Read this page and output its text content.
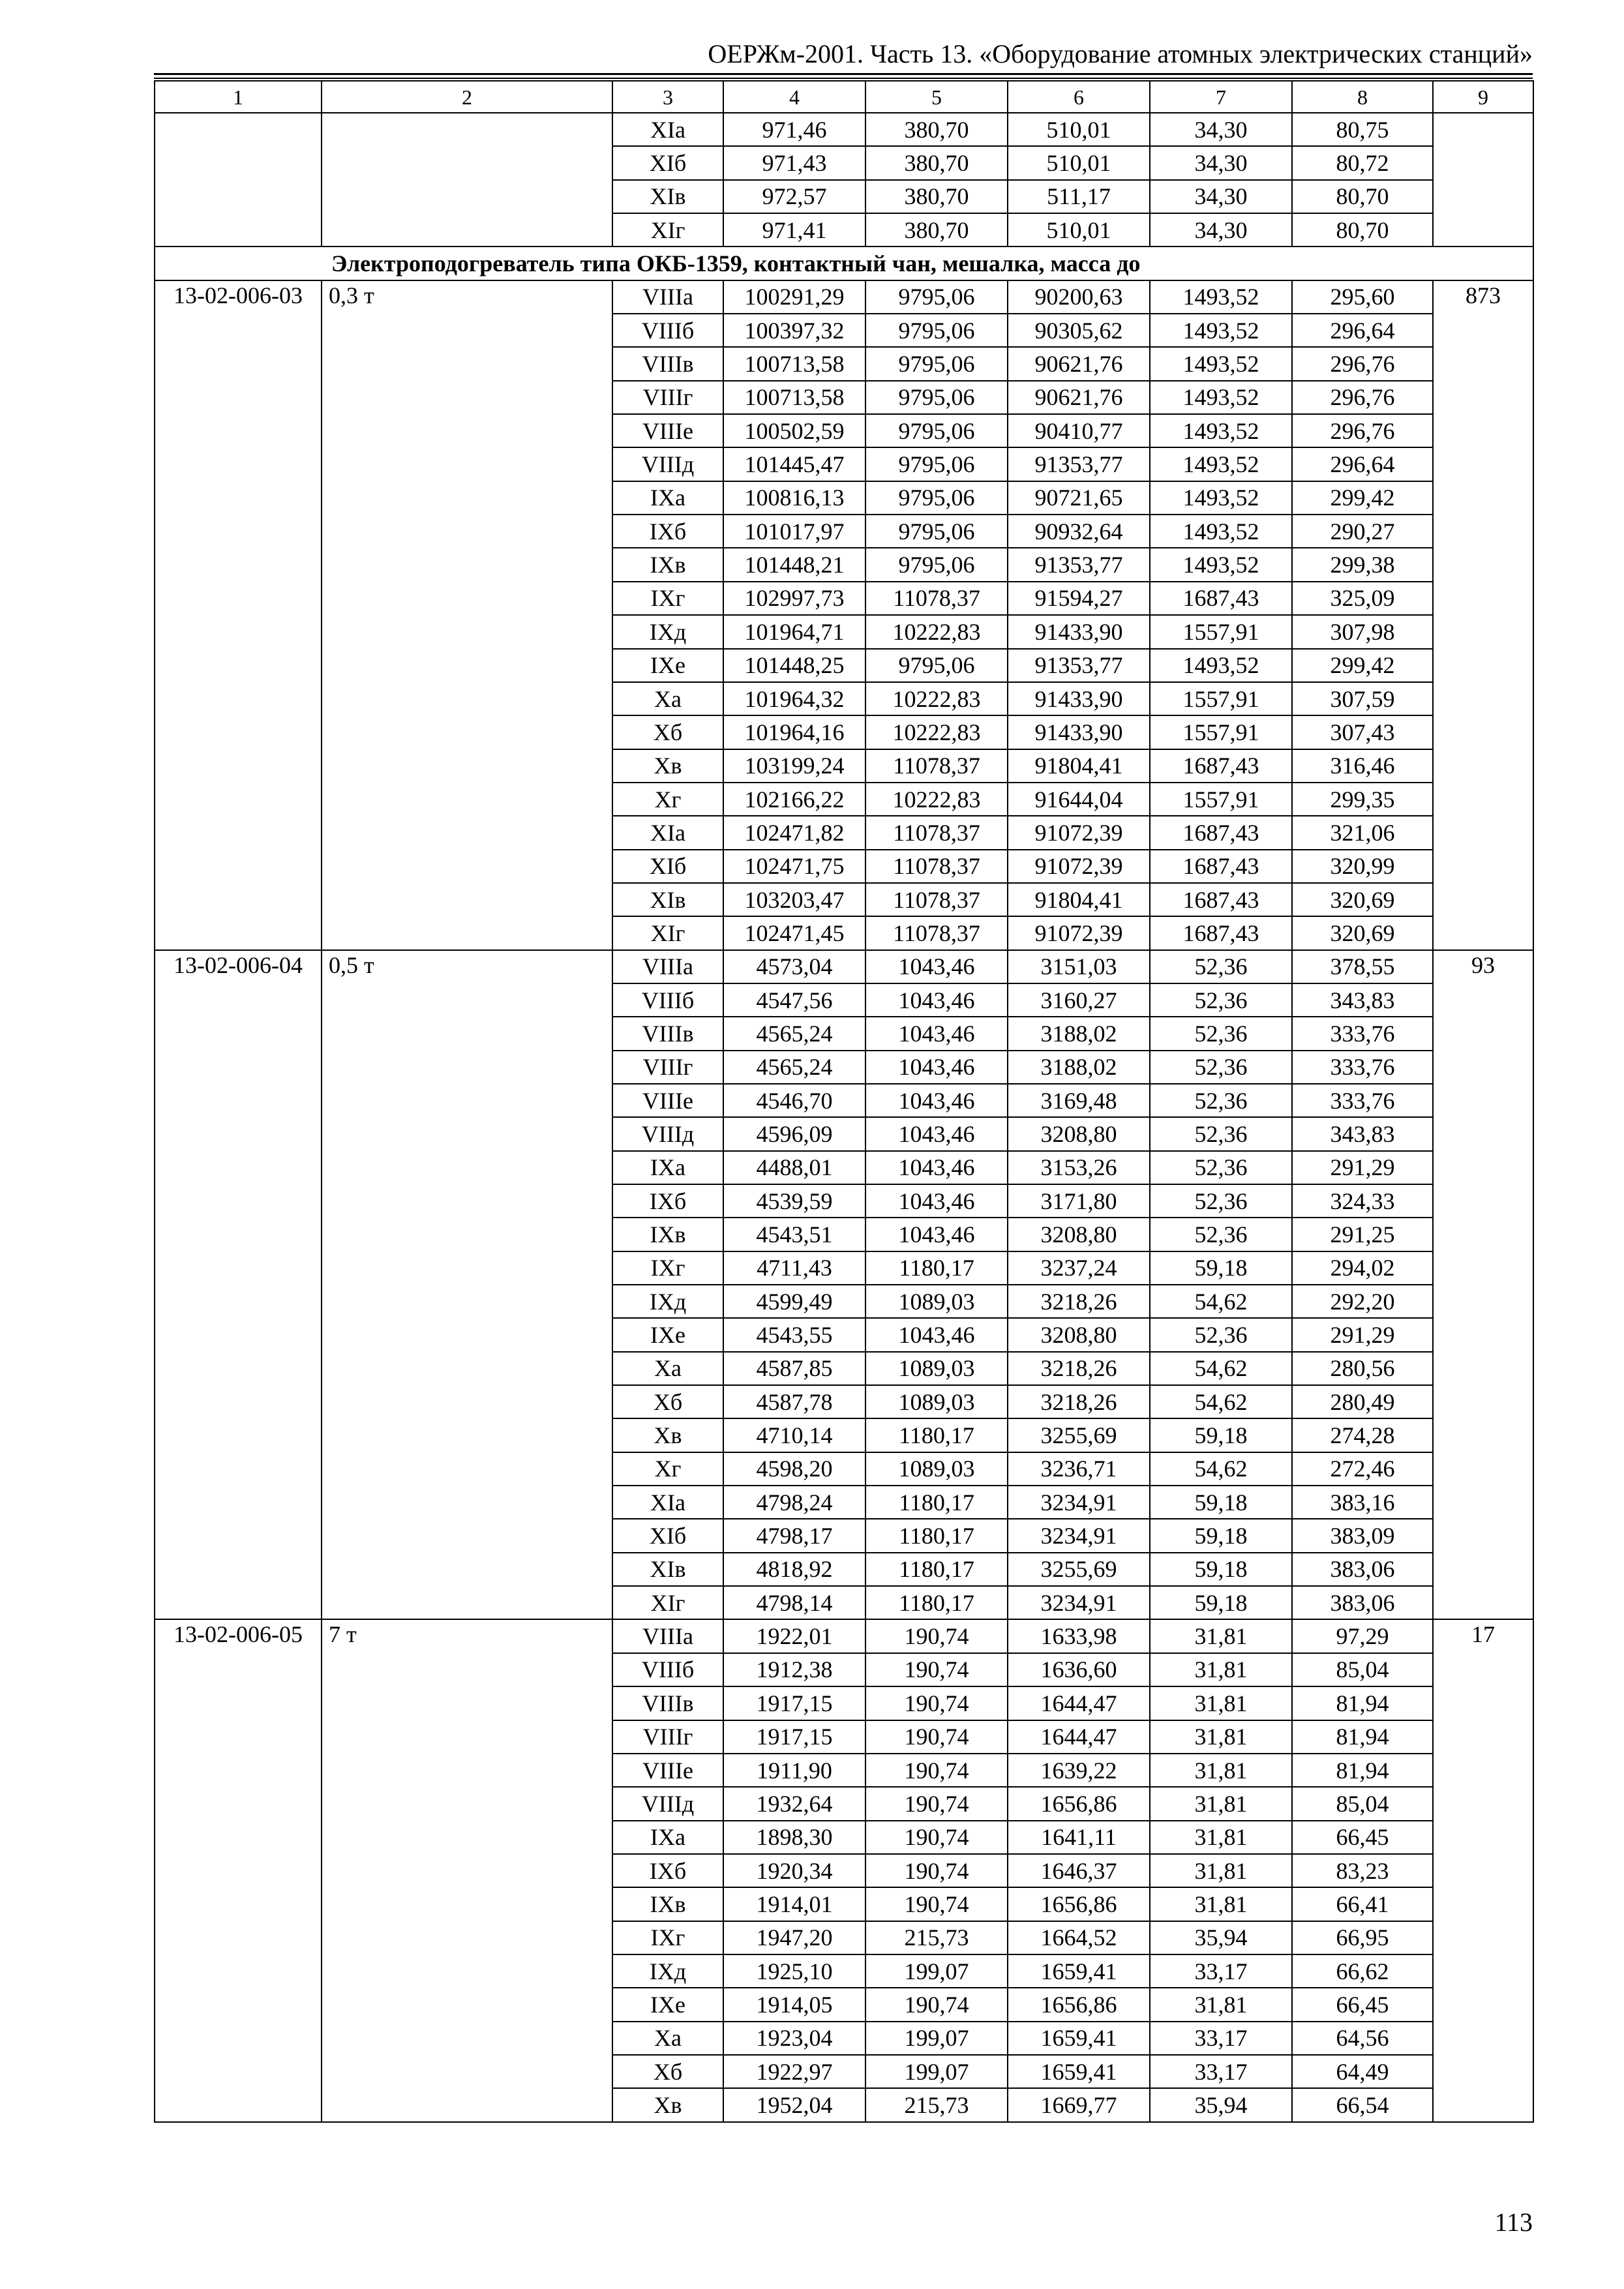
ОЕРЖм-2001. Часть 13. «Оборудование атомных электрических станций»
1	2	3	4	5	6	7	8	9
		XIа	971,46	380,70	510,01	34,30	80,75	
		XIб	971,43	380,70	510,01	34,30	80,72	
		XIв	972,57	380,70	511,17	34,30	80,70	
		XIг	971,41	380,70	510,01	34,30	80,70	
Электроподогреватель типа ОКБ-1359, контактный чан, мешалка, масса до								
13-02-006-03	0,3 т	VIIIа	100291,29	9795,06	90200,63	1493,52	295,60	873
		VIIIб	100397,32	9795,06	90305,62	1493,52	296,64	
		VIIIв	100713,58	9795,06	90621,76	1493,52	296,76	
		VIIIг	100713,58	9795,06	90621,76	1493,52	296,76	
		VIIIе	100502,59	9795,06	90410,77	1493,52	296,76	
		VIIIд	101445,47	9795,06	91353,77	1493,52	296,64	
		IXа	100816,13	9795,06	90721,65	1493,52	299,42	
		IXб	101017,97	9795,06	90932,64	1493,52	290,27	
		IXв	101448,21	9795,06	91353,77	1493,52	299,38	
		IXг	102997,73	11078,37	91594,27	1687,43	325,09	
		IXд	101964,71	10222,83	91433,90	1557,91	307,98	
		IXе	101448,25	9795,06	91353,77	1493,52	299,42	
		Xа	101964,32	10222,83	91433,90	1557,91	307,59	
		Xб	101964,16	10222,83	91433,90	1557,91	307,43	
		Xв	103199,24	11078,37	91804,41	1687,43	316,46	
		Xг	102166,22	10222,83	91644,04	1557,91	299,35	
		XIа	102471,82	11078,37	91072,39	1687,43	321,06	
		XIб	102471,75	11078,37	91072,39	1687,43	320,99	
		XIв	103203,47	11078,37	91804,41	1687,43	320,69	
		XIг	102471,45	11078,37	91072,39	1687,43	320,69	
13-02-006-04	0,5 т	VIIIа	4573,04	1043,46	3151,03	52,36	378,55	93
		VIIIб	4547,56	1043,46	3160,27	52,36	343,83	
		VIIIв	4565,24	1043,46	3188,02	52,36	333,76	
		VIIIг	4565,24	1043,46	3188,02	52,36	333,76	
		VIIIе	4546,70	1043,46	3169,48	52,36	333,76	
		VIIIд	4596,09	1043,46	3208,80	52,36	343,83	
		IXа	4488,01	1043,46	3153,26	52,36	291,29	
		IXб	4539,59	1043,46	3171,80	52,36	324,33	
		IXв	4543,51	1043,46	3208,80	52,36	291,25	
		IXг	4711,43	1180,17	3237,24	59,18	294,02	
		IXд	4599,49	1089,03	3218,26	54,62	292,20	
		IXе	4543,55	1043,46	3208,80	52,36	291,29	
		Xа	4587,85	1089,03	3218,26	54,62	280,56	
		Xб	4587,78	1089,03	3218,26	54,62	280,49	
		Xв	4710,14	1180,17	3255,69	59,18	274,28	
		Xг	4598,20	1089,03	3236,71	54,62	272,46	
		XIа	4798,24	1180,17	3234,91	59,18	383,16	
		XIб	4798,17	1180,17	3234,91	59,18	383,09	
		XIв	4818,92	1180,17	3255,69	59,18	383,06	
		XIг	4798,14	1180,17	3234,91	59,18	383,06	
13-02-006-05	7 т	VIIIа	1922,01	190,74	1633,98	31,81	97,29	17
		VIIIб	1912,38	190,74	1636,60	31,81	85,04	
		VIIIв	1917,15	190,74	1644,47	31,81	81,94	
		VIIIг	1917,15	190,74	1644,47	31,81	81,94	
		VIIIе	1911,90	190,74	1639,22	31,81	81,94	
		VIIIд	1932,64	190,74	1656,86	31,81	85,04	
		IXа	1898,30	190,74	1641,11	31,81	66,45	
		IXб	1920,34	190,74	1646,37	31,81	83,23	
		IXв	1914,01	190,74	1656,86	31,81	66,41	
		IXг	1947,20	215,73	1664,52	35,94	66,95	
		IXд	1925,10	199,07	1659,41	33,17	66,62	
		IXе	1914,05	190,74	1656,86	31,81	66,45	
		Xа	1923,04	199,07	1659,41	33,17	64,56	
		Xб	1922,97	199,07	1659,41	33,17	64,49	
		Xв	1952,04	215,73	1669,77	35,94	66,54	
113
